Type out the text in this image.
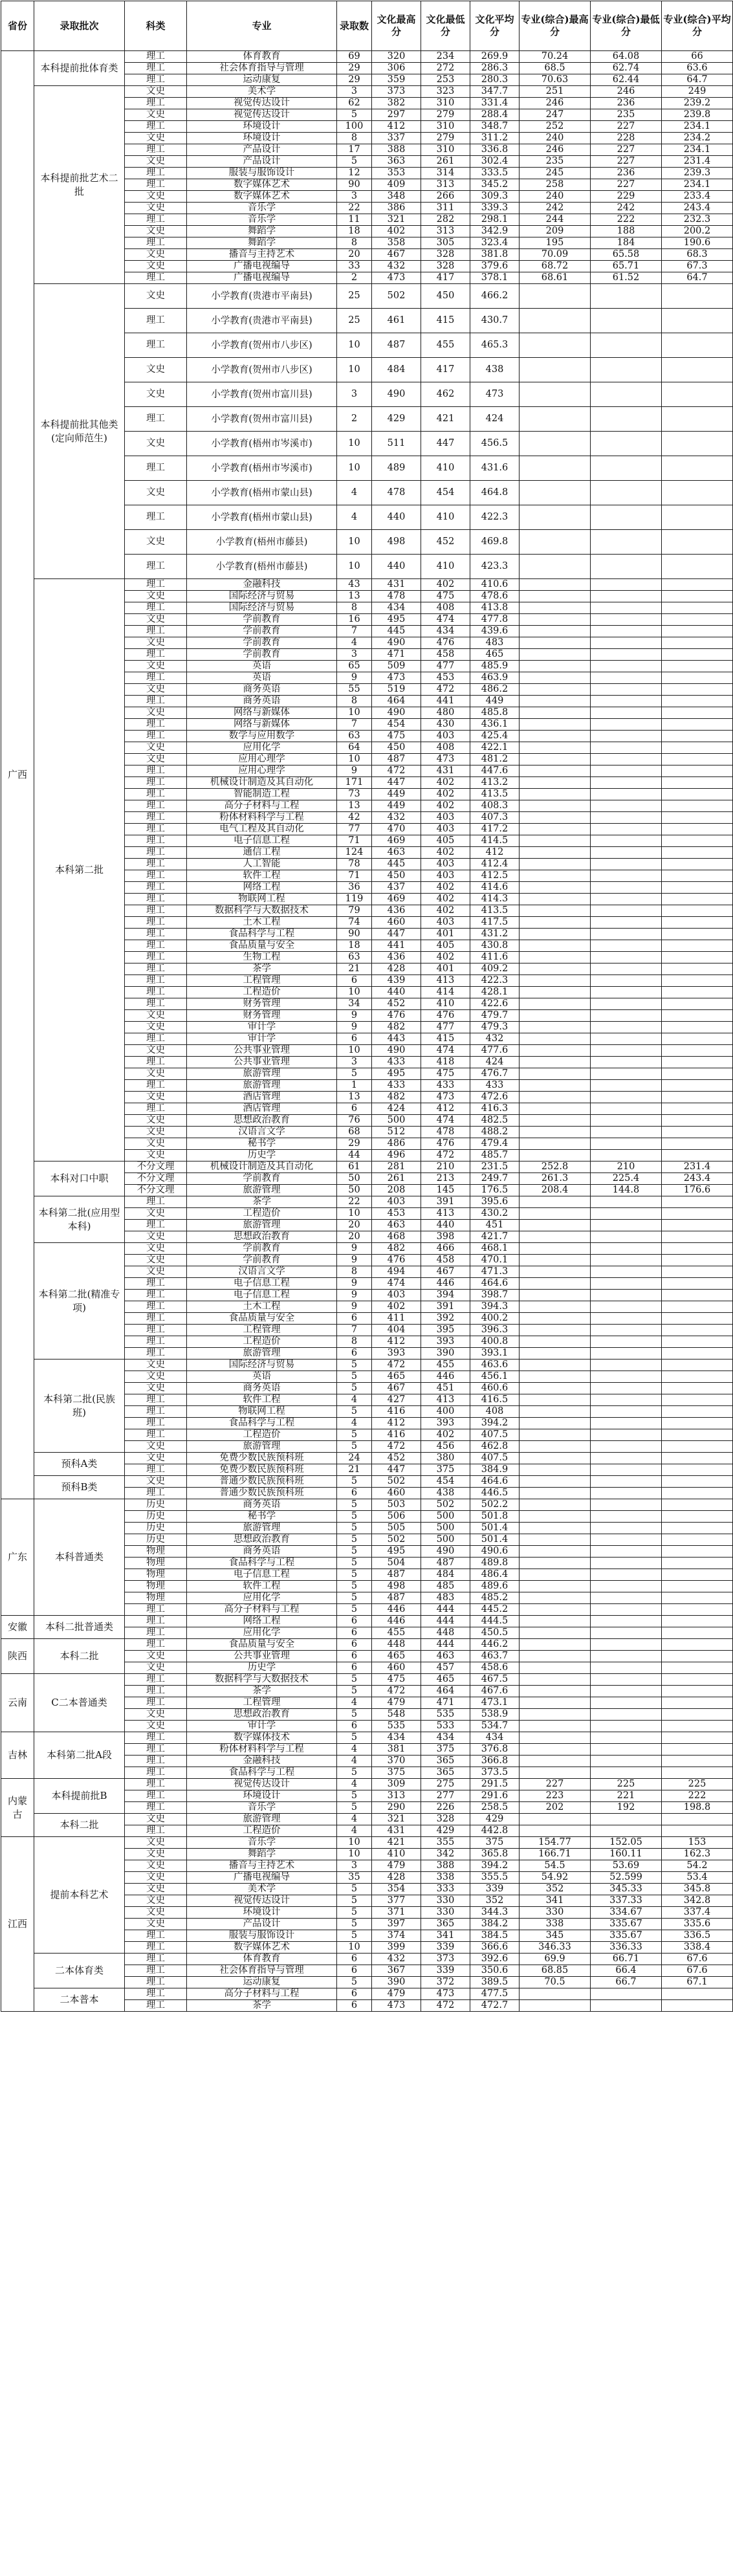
省份	录取批次	科类	专业	录取数	文化最高分	文化最低分	文化平均分	专业(综合)最高分	专业(综合)最低分	专业(综合)平均分
广西	本科提前批体育类	理工	体育教育	69	320	234	269.9	70.24	64.08	66
		理工	社会体育指导与管理	29	306	272	286.3	68.5	62.74	63.6
		理工	运动康复	29	359	253	280.3	70.63	62.44	64.7
	本科提前批艺术二批	文史	美术学	3	373	323	347.7	251	246	249
		理工	视觉传达设计	62	382	310	331.4	246	236	239.2
		文史	视觉传达设计	5	297	279	288.4	247	235	239.8
		理工	环境设计	100	412	310	348.7	252	227	234.1
		文史	环境设计	8	337	279	311.2	240	228	234.2
		理工	产品设计	17	388	310	336.8	246	227	234.1
		文史	产品设计	5	363	261	302.4	235	227	231.4
		理工	服装与服饰设计	12	353	314	333.5	245	236	239.3
		理工	数字媒体艺术	90	409	313	345.2	258	227	234.1
		文史	数字媒体艺术	3	348	266	309.3	240	229	233.4
		文史	音乐学	22	386	311	339.3	242	242	243.4
		理工	音乐学	11	321	282	298.1	244	222	232.3
		文史	舞蹈学	18	402	313	342.9	209	188	200.2
		理工	舞蹈学	8	358	305	323.4	195	184	190.6
		文史	播音与主持艺术	20	467	328	381.8	70.09	65.58	68.3
		文史	广播电视编导	33	432	328	379.6	68.72	65.71	67.3
		理工	广播电视编导	2	473	417	378.1	68.61	61.52	64.7
	本科提前批其他类(定向师范生)	文史	小学教育(贵港市平南县)	25	502	450	466.2			
		理工	小学教育(贵港市平南县)	25	461	415	430.7			
		理工	小学教育(贺州市八步区)	10	487	455	465.3			
		文史	小学教育(贺州市八步区)	10	484	417	438			
		文史	小学教育(贺州市富川县)	3	490	462	473			
		理工	小学教育(贺州市富川县)	2	429	421	424			
		文史	小学教育(梧州市岑溪市)	10	511	447	456.5			
		理工	小学教育(梧州市岑溪市)	10	489	410	431.6			
		文史	小学教育(梧州市蒙山县)	4	478	454	464.8			
		理工	小学教育(梧州市蒙山县)	4	440	410	422.3			
		文史	小学教育(梧州市藤县)	10	498	452	469.8			
		理工	小学教育(梧州市藤县)	10	440	410	423.3			
	本科第二批	理工	金融科技	43	431	402	410.6			
		文史	国际经济与贸易	13	478	475	478.6			
		理工	国际经济与贸易	8	434	408	413.8			
		文史	学前教育	16	495	474	477.8			
		理工	学前教育	7	445	434	439.6			
		文史	学前教育	4	490	476	483			
		理工	学前教育	3	471	458	465			
		文史	英语	65	509	477	485.9			
		理工	英语	9	473	453	463.9			
		文史	商务英语	55	519	472	486.2			
		理工	商务英语	8	464	441	449			
		文史	网络与新媒体	10	490	480	485.8			
		理工	网络与新媒体	7	454	430	436.1			
		理工	数学与应用数学	63	475	403	425.4			
		文史	应用化学	64	450	408	422.1			
		文史	应用心理学	10	487	473	481.2			
		理工	应用心理学	9	472	431	447.6			
		理工	机械设计制造及其自动化	171	447	402	413.2			
		理工	智能制造工程	73	449	402	413.5			
		理工	高分子材料与工程	13	449	402	408.3			
		理工	粉体材料科学与工程	42	432	403	407.3			
		理工	电气工程及其自动化	77	470	403	417.2			
		理工	电子信息工程	71	469	405	414.5			
		理工	通信工程	124	463	402	412			
		理工	人工智能	78	445	403	412.4			
		理工	软件工程	71	450	403	412.5			
		理工	网络工程	36	437	402	414.6			
		理工	物联网工程	119	469	402	414.3			
		理工	数据科学与大数据技术	79	436	402	413.5			
		理工	土木工程	74	460	403	417.5			
		理工	食品科学与工程	90	447	401	431.2			
		理工	食品质量与安全	18	441	405	430.8			
		理工	生物工程	63	436	402	411.6			
		理工	茶学	21	428	401	409.2			
		理工	工程管理	6	439	413	422.3			
		理工	工程造价	10	440	414	428.1			
		理工	财务管理	34	452	410	422.6			
		文史	财务管理	9	476	476	479.7			
		文史	审计学	9	482	477	479.3			
		理工	审计学	6	443	415	432			
		文史	公共事业管理	10	490	474	477.6			
		理工	公共事业管理	3	433	418	424			
		文史	旅游管理	5	495	475	476.7			
		理工	旅游管理	1	433	433	433			
		文史	酒店管理	13	482	473	472.6			
		理工	酒店管理	6	424	412	416.3			
		文史	思想政治教育	76	500	474	482.5			
		文史	汉语言文学	68	512	478	488.2			
		文史	秘书学	29	486	476	479.4			
		文史	历史学	44	496	472	485.7			
	本科对口中职	不分文理	机械设计制造及其自动化	61	281	210	231.5	252.8	210	231.4
		不分文理	学前教育	50	261	213	249.7	261.3	225.4	243.4
		不分文理	旅游管理	50	208	145	176.5	208.4	144.8	176.6
	本科第二批(应用型本科)	理工	茶学	22	403	391	395.6			
		文史	工程造价	10	453	413	430.2			
		理工	旅游管理	20	463	440	451			
		文史	思想政治教育	20	468	398	421.7			
	本科第二批(精准专项)	文史	学前教育	9	482	466	468.1			
		文史	学前教育	9	476	458	470.1			
		文史	汉语言文学	8	494	467	471.3			
		理工	电子信息工程	9	474	446	464.6			
		理工	电子信息工程	9	403	394	398.7			
		理工	土木工程	9	402	391	394.3			
		理工	食品质量与安全	6	411	392	400.2			
		理工	工程管理	7	404	395	396.3			
		理工	工程造价	8	412	393	400.8			
		理工	旅游管理	6	393	390	393.1			
	本科第二批(民族班)	文史	国际经济与贸易	5	472	455	463.6			
		文史	英语	5	465	446	456.1			
		文史	商务英语	5	467	451	460.6			
		理工	软件工程	4	427	413	416.5			
		理工	物联网工程	5	416	400	408			
		理工	食品科学与工程	4	412	393	394.2			
		理工	工程造价	5	416	402	407.5			
		文史	旅游管理	5	472	456	462.8			
	预科A类	文史	免费少数民族预科班	24	452	380	407.5			
		理工	免费少数民族预科班	21	447	375	384.9			
	预科B类	文史	普通少数民族预科班	5	502	454	464.6			
		理工	普通少数民族预科班	6	460	438	446.5			
广东	本科普通类	历史	商务英语	5	503	502	502.2			
		历史	秘书学	5	506	500	501.8			
		历史	旅游管理	5	505	500	501.4			
		历史	思想政治教育	5	502	500	501.4			
		物理	商务英语	5	495	490	490.6			
		物理	食品科学与工程	5	504	487	489.8			
		物理	电子信息工程	5	487	484	486.4			
		物理	软件工程	5	498	485	489.6			
		物理	应用化学	5	487	483	485.2			
		理工	高分子材料与工程	5	446	444	445.2			
安徽	本科二批普通类	理工	网络工程	6	446	444	444.5			
		理工	应用化学	6	455	448	450.5			
陕西	本科二批	理工	食品质量与安全	6	448	444	446.2			
		文史	公共事业管理	6	465	463	463.7			
		文史	历史学	6	460	457	458.6			
云南	C二本普通类	理工	数据科学与大数据技术	5	475	465	467.5			
		理工	茶学	5	472	464	467.6			
		理工	工程管理	4	479	471	473.1			
		文史	思想政治教育	5	548	535	538.9			
		文史	审计学	6	535	533	534.7			
吉林	本科第二批A段	理工	数字媒体技术	5	434	434	434			
		理工	粉体材料科学与工程	4	381	375	376.8			
		理工	金融科技	4	370	365	366.8			
		理工	食品科学与工程	5	375	365	373.5			
内蒙古	本科提前批B	理工	视觉传达设计	4	309	275	291.5	227	225	225
		理工	环境设计	5	313	277	291.6	223	221	222
		理工	音乐学	5	290	226	258.5	202	192	198.8
	本科二批	文史	旅游管理	4	321	328	429			
		理工	工程造价	4	431	429	442.8			
江西	提前本科艺术	文史	音乐学	10	421	355	375	154.77	152.05	153
		文史	舞蹈学	10	410	342	365.8	166.71	160.11	162.3
		文史	播音与主持艺术	3	479	388	394.2	54.5	53.69	54.2
		文史	广播电视编导	35	428	338	355.5	54.92	52.599	53.4
		文史	美术学	5	354	333	339	352	345.33	345.8
		文史	视觉传达设计	5	377	330	352	341	337.33	342.8
		文史	环境设计	5	371	330	344.3	330	334.67	337.4
		文史	产品设计	5	397	365	384.2	338	335.67	335.6
		理工	服装与服饰设计	5	374	341	384.5	345	335.67	336.5
		理工	数字媒体艺术	10	399	339	366.6	346.33	336.33	338.4
	二本体育类	理工	体育教育	6	432	373	392.6	69.9	66.71	67.6
		理工	社会体育指导与管理	6	367	339	350.6	68.85	66.4	67.6
		理工	运动康复	5	390	372	389.5	70.5	66.7	67.1
	二本普本	理工	高分子材料与工程	6	479	473	477.5			
		理工	茶学	6	473	472	472.7			
